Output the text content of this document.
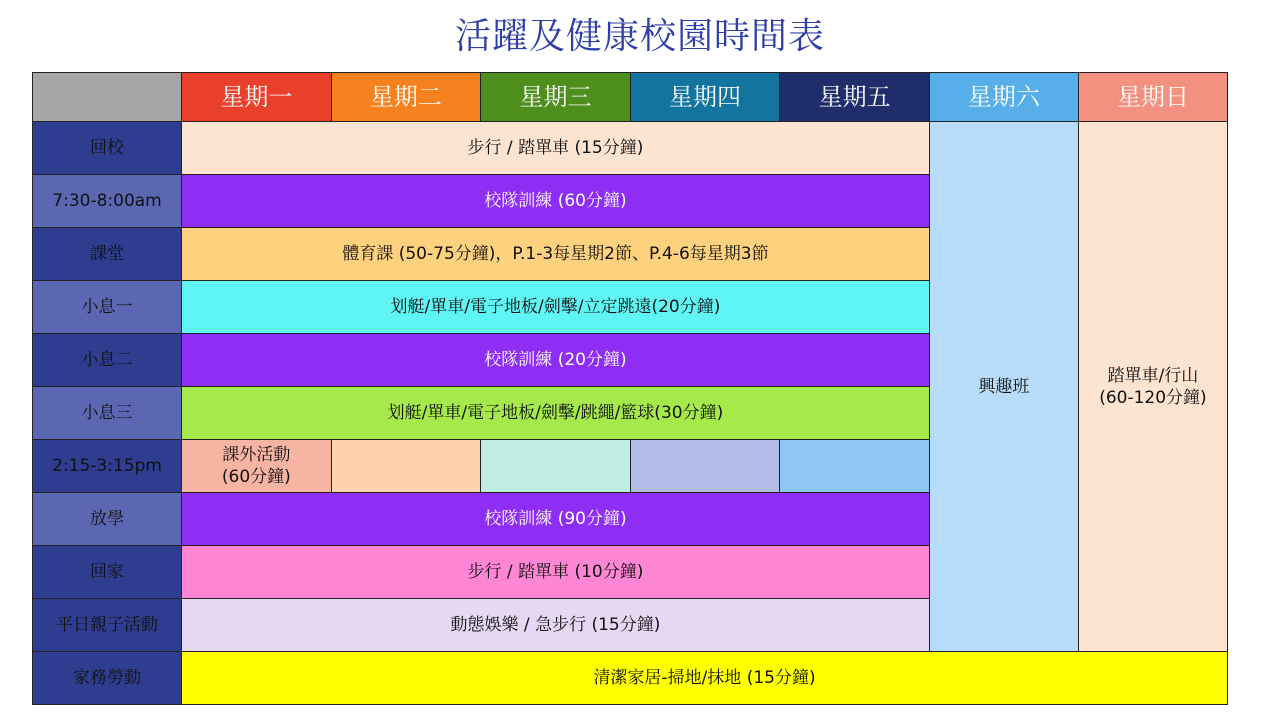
活躍及健康校園時間表
	星期一	星期二	星期三	星期四	星期五	星期六	星期日
回校	步行 / 踏單車 (15分鐘)					興趣班	踏單車/行山
(60-120分鐘)
7:30-8:00am	校隊訓練 (60分鐘)						
課堂	體育課 (50-75分鐘)，P.1-3每星期2節、P.4-6每星期3節						
小息一	划艇/單車/電子地板/劍擊/立定跳遠(20分鐘)						
小息二	校隊訓練 (20分鐘)						
小息三	划艇/單車/電子地板/劍擊/跳繩/籃球(30分鐘)						
2:15-3:15pm	課外活動
(60分鐘)						
放學	校隊訓練 (90分鐘)						
回家	步行 / 踏單車 (10分鐘)						
平日親子活動	動態娛樂 / 急步行 (15分鐘)						
家務勞動	清潔家居-掃地/抹地 (15分鐘)						
